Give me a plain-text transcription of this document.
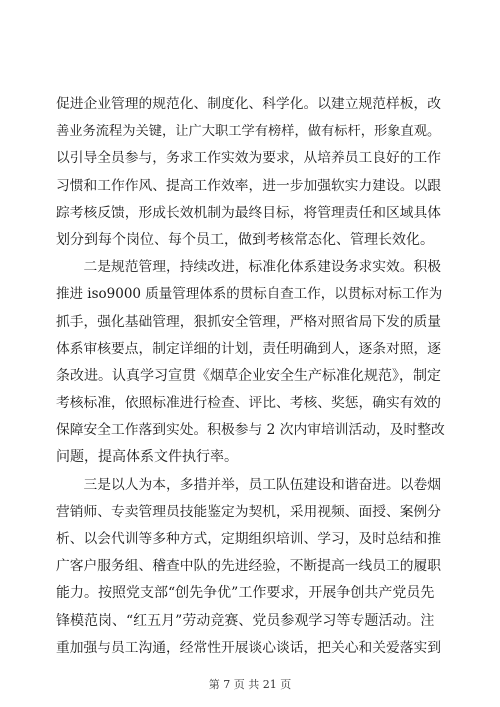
促进企业管理的规范化、制度化、科学化。以建立规范样板，改
善业务流程为关键，让广大职工学有榜样，做有标杆，形象直观。
以引导全员参与，务求工作实效为要求，从培养员工良好的工作
习惯和工作作风、提高工作效率，进一步加强软实力建设。以跟
踪考核反馈，形成长效机制为最终目标，将管理责任和区域具体
划分到每个岗位、每个员工，做到考核常态化、管理长效化。
　　二是规范管理，持续改进，标准化体系建设务求实效。积极
推进 iso9000 质量管理体系的贯标自查工作，以贯标对标工作为
抓手，强化基础管理，狠抓安全管理，严格对照省局下发的质量
体系审核要点，制定详细的计划，责任明确到人，逐条对照，逐
条改进。认真学习宣贯《烟草企业安全生产标准化规范》，制定
考核标准，依照标准进行检查、评比、考核、奖惩，确实有效的
保障安全工作落到实处。积极参与 2 次内审培训活动，及时整改
问题，提高体系文件执行率。
　　三是以人为本，多措并举，员工队伍建设和谐奋进。以卷烟
营销师、专卖管理员技能鉴定为契机，采用视频、面授、案例分
析、以会代训等多种方式，定期组织培训、学习，及时总结和推
广客户服务组、稽查中队的先进经验，不断提高一线员工的履职
能力。按照党支部“创先争优”工作要求，开展争创共产党员先
锋模范岗、“红五月”劳动竞赛、党员参观学习等专题活动。注
重加强与员工沟通，经常性开展谈心谈话，把关心和关爱落实到
第 7 页 共 21 页
